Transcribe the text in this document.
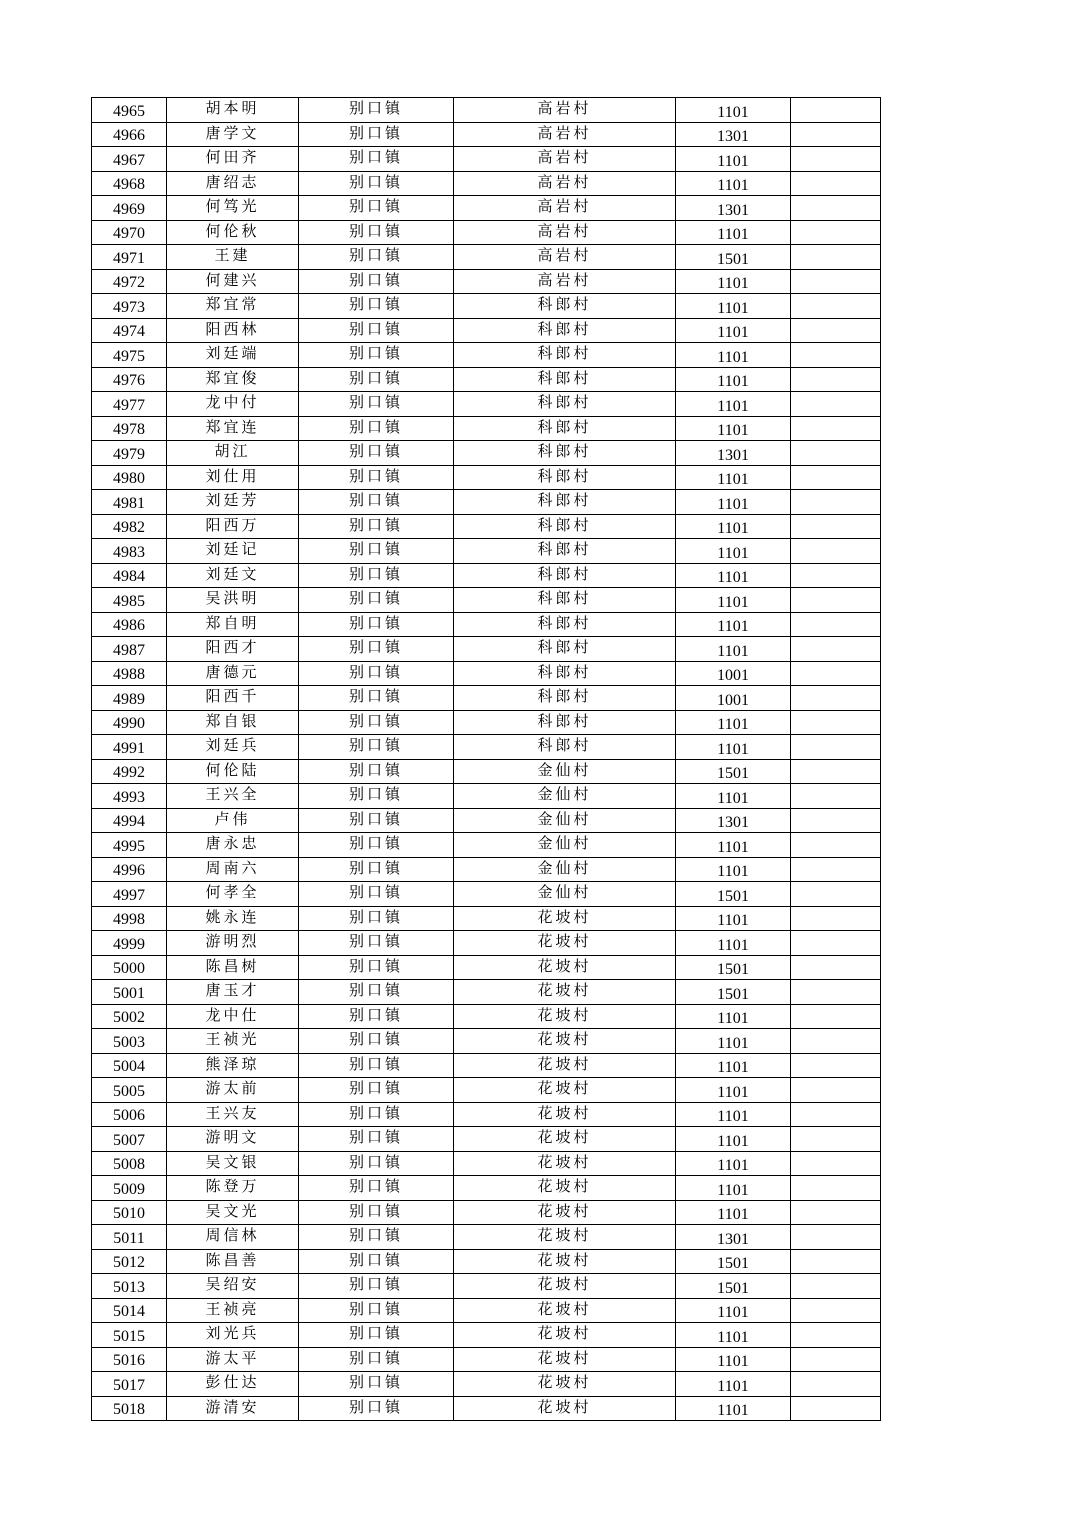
4965	胡本明	别口镇	高岩村	1101	
4966	唐学文	别口镇	高岩村	1301	
4967	何田齐	别口镇	高岩村	1101	
4968	唐绍志	别口镇	高岩村	1101	
4969	何笃光	别口镇	高岩村	1301	
4970	何伦秋	别口镇	高岩村	1101	
4971	王建	别口镇	高岩村	1501	
4972	何建兴	别口镇	高岩村	1101	
4973	郑宜常	别口镇	科郎村	1101	
4974	阳西林	别口镇	科郎村	1101	
4975	刘廷端	别口镇	科郎村	1101	
4976	郑宜俊	别口镇	科郎村	1101	
4977	龙中付	别口镇	科郎村	1101	
4978	郑宜连	别口镇	科郎村	1101	
4979	胡江	别口镇	科郎村	1301	
4980	刘仕用	别口镇	科郎村	1101	
4981	刘廷芳	别口镇	科郎村	1101	
4982	阳西万	别口镇	科郎村	1101	
4983	刘廷记	别口镇	科郎村	1101	
4984	刘廷文	别口镇	科郎村	1101	
4985	吴洪明	别口镇	科郎村	1101	
4986	郑自明	别口镇	科郎村	1101	
4987	阳西才	别口镇	科郎村	1101	
4988	唐德元	别口镇	科郎村	1001	
4989	阳西千	别口镇	科郎村	1001	
4990	郑自银	别口镇	科郎村	1101	
4991	刘廷兵	别口镇	科郎村	1101	
4992	何伦陆	别口镇	金仙村	1501	
4993	王兴全	别口镇	金仙村	1101	
4994	卢伟	别口镇	金仙村	1301	
4995	唐永忠	别口镇	金仙村	1101	
4996	周南六	别口镇	金仙村	1101	
4997	何孝全	别口镇	金仙村	1501	
4998	姚永连	别口镇	花坡村	1101	
4999	游明烈	别口镇	花坡村	1101	
5000	陈昌树	别口镇	花坡村	1501	
5001	唐玉才	别口镇	花坡村	1501	
5002	龙中仕	别口镇	花坡村	1101	
5003	王祯光	别口镇	花坡村	1101	
5004	熊泽琼	别口镇	花坡村	1101	
5005	游太前	别口镇	花坡村	1101	
5006	王兴友	别口镇	花坡村	1101	
5007	游明文	别口镇	花坡村	1101	
5008	吴文银	别口镇	花坡村	1101	
5009	陈登万	别口镇	花坡村	1101	
5010	吴文光	别口镇	花坡村	1101	
5011	周信林	别口镇	花坡村	1301	
5012	陈昌善	别口镇	花坡村	1501	
5013	吴绍安	别口镇	花坡村	1501	
5014	王祯亮	别口镇	花坡村	1101	
5015	刘光兵	别口镇	花坡村	1101	
5016	游太平	别口镇	花坡村	1101	
5017	彭仕达	别口镇	花坡村	1101	
5018	游清安	别口镇	花坡村	1101	
